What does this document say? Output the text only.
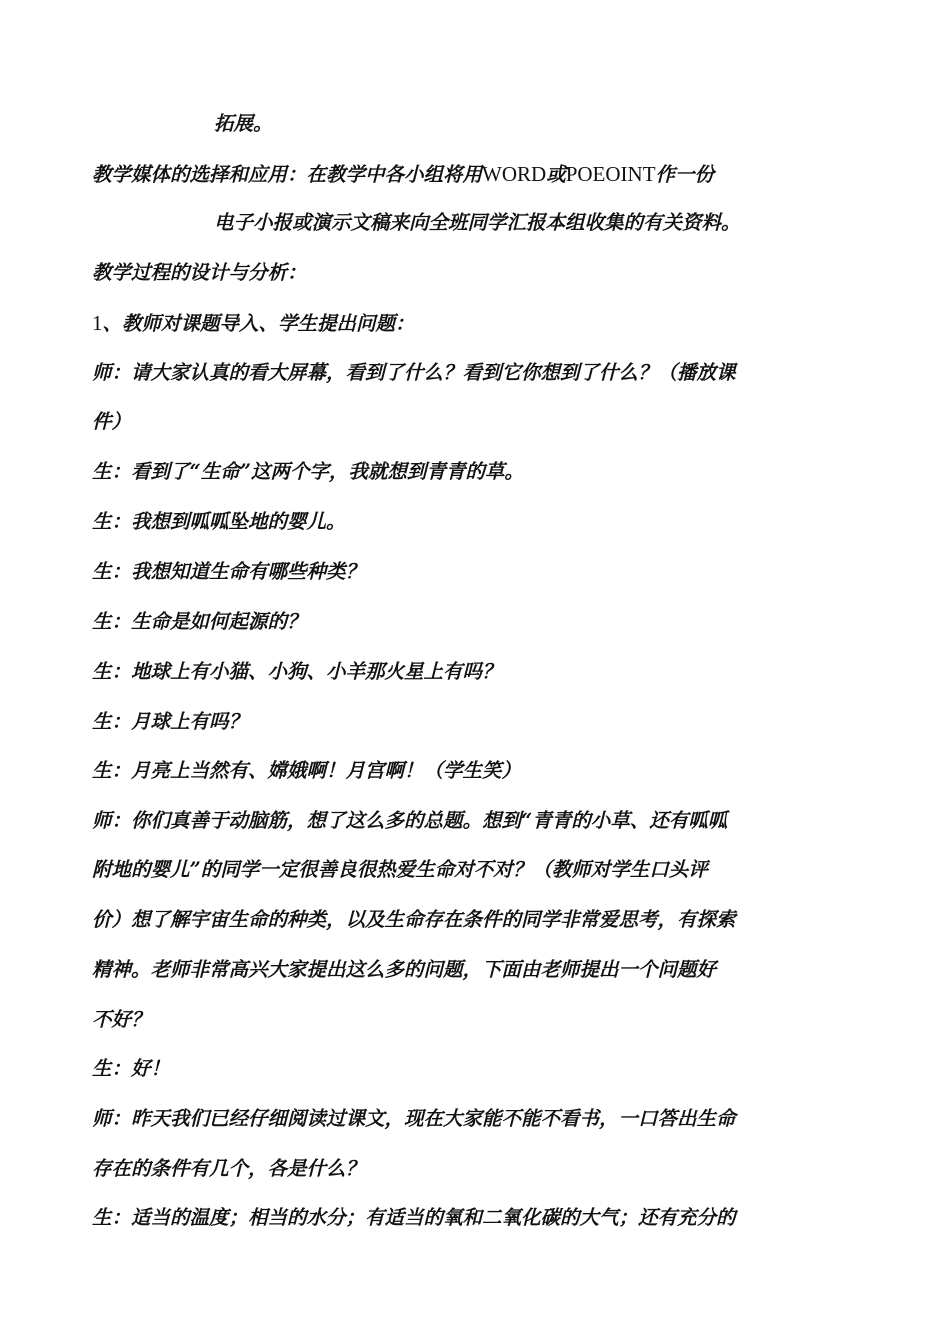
拓展。
教学媒体的选择和应用：在教学中各小组将用WORD或POEOINT作一份
电子小报或演示文稿来向全班同学汇报本组收集的有关资料。
教学过程的设计与分析：
1、教师对课题导入、学生提出问题：
师：请大家认真的看大屏幕，看到了什么？看到它你想到了什么？（播放课
件）
生：看到了“生命”这两个字，我就想到青青的草。
生：我想到呱呱坠地的婴儿。
生：我想知道生命有哪些种类？
生：生命是如何起源的？
生：地球上有小猫、小狗、小羊那火星上有吗？
生：月球上有吗？
生：月亮上当然有、嫦娥啊！月宫啊！（学生笑）
师：你们真善于动脑筋，想了这么多的总题。想到“青青的小草、还有呱呱
附地的婴儿”的同学一定很善良很热爱生命对不对？（教师对学生口头评
价）想了解宇宙生命的种类，以及生命存在条件的同学非常爱思考，有探索
精神。老师非常高兴大家提出这么多的问题，下面由老师提出一个问题好
不好？
生：好！
师：昨天我们已经仔细阅读过课文，现在大家能不能不看书，一口答出生命
存在的条件有几个，各是什么？
生：适当的温度；相当的水分；有适当的氧和二氧化碳的大气；还有充分的
